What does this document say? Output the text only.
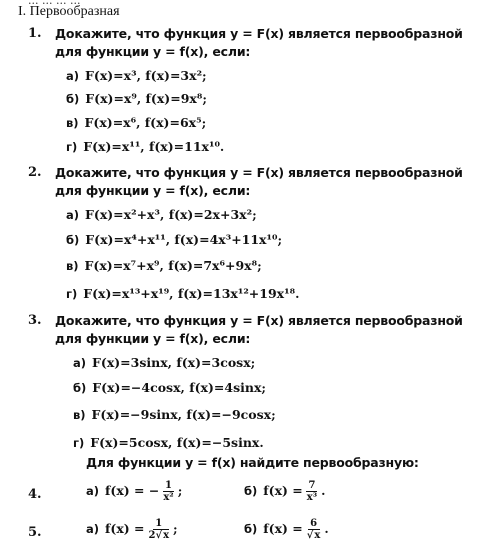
... ... ... ...
I. Первообразная
1. Докажите, что функция y = F(x) является первообразной
для функции y = f(x), если:
а) F(x)=x³, f(x)=3x²;
б) F(x)=x⁹, f(x)=9x⁸;
в) F(x)=x⁶, f(x)=6x⁵;
г) F(x)=x¹¹, f(x)=11x¹⁰.
2. Докажите, что функция y = F(x) является первообразной
для функции y = f(x), если:
а) F(x)=x²+x³, f(x)=2x+3x²;
б) F(x)=x⁴+x¹¹, f(x)=4x³+11x¹⁰;
в) F(x)=x⁷+x⁹, f(x)=7x⁶+9x⁸;
г) F(x)=x¹³+x¹⁹, f(x)=13x¹²+19x¹⁸.
3. Докажите, что функция y = F(x) является первообразной
для функции y = f(x), если:
а) F(x)=3sinx, f(x)=3cosx;
б) F(x)=−4cosx, f(x)=4sinx;
в) F(x)=−9sinx, f(x)=−9cosx;
г) F(x)=5cosx, f(x)=−5sinx.
Для функции y = f(x) найдите первообразную:
4.	а) f(x) = − $\frac{1}{\text{x²}}$ ;	б) $f(x) = \frac{7}{\text{x³}}$ .
5.	а) $f(x) = \frac{1}{2√x}$ ;	б) $f(x) = \frac{6}{√x}$ .
